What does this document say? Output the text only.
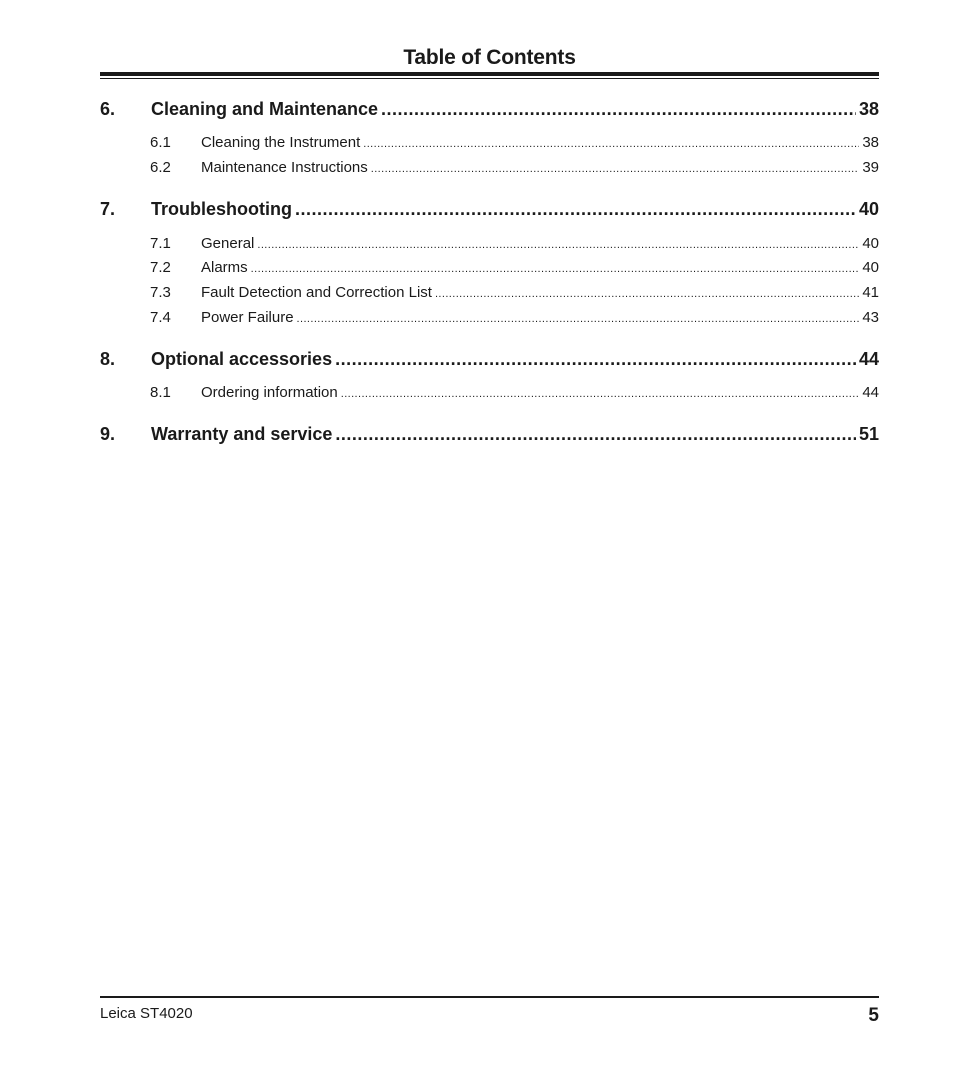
Table of Contents
6.	Cleaning and Maintenance .....	38
6.1	Cleaning the Instrument .....	38
6.2	Maintenance Instructions .....	39
7.	Troubleshooting .....	40
7.1	General .....	40
7.2	Alarms .....	40
7.3	Fault Detection and Correction List .....	41
7.4	Power Failure .....	43
8.	Optional accessories .....	44
8.1	Ordering information .....	44
9.	Warranty and service .....	51
Leica ST4020	5
